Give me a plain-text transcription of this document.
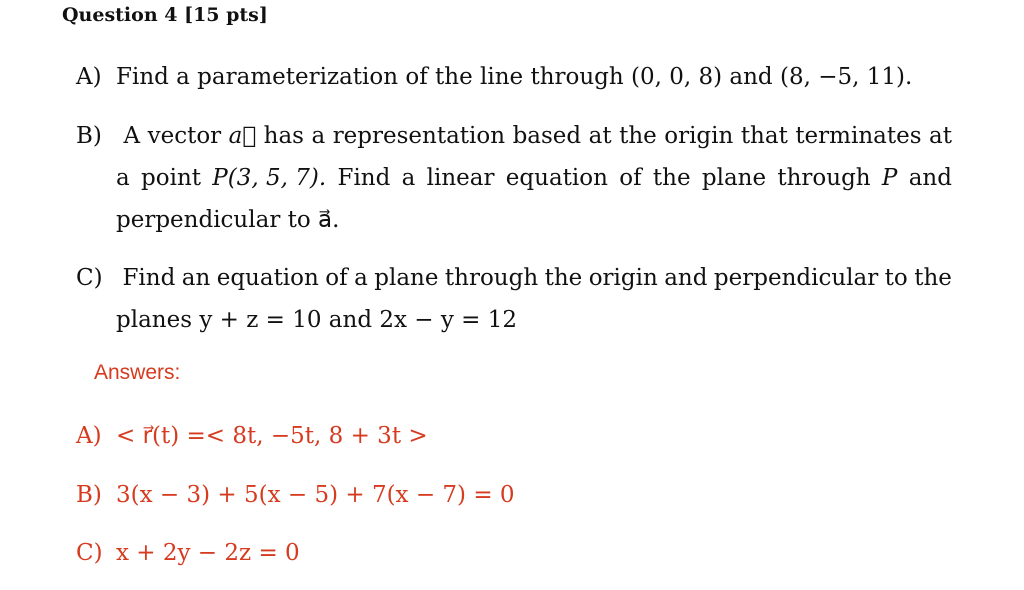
Question 4 [15 pts]
A) Find a parameterization of the line through (0, 0, 8) and (8, −5, 11).
B) A vector a⃗ has a representation based at the origin that terminates at
a point P(3, 5, 7). Find a linear equation of the plane through P and
perpendicular to a⃗.
C) Find an equation of a plane through the origin and perpendicular to the
planes y + z = 10 and 2x − y = 12
Answers:
A) < r⃗(t) =< 8t, −5t, 8 + 3t >
B) 3(x − 3) + 5(x − 5) + 7(x − 7) = 0
C) x + 2y − 2z = 0
